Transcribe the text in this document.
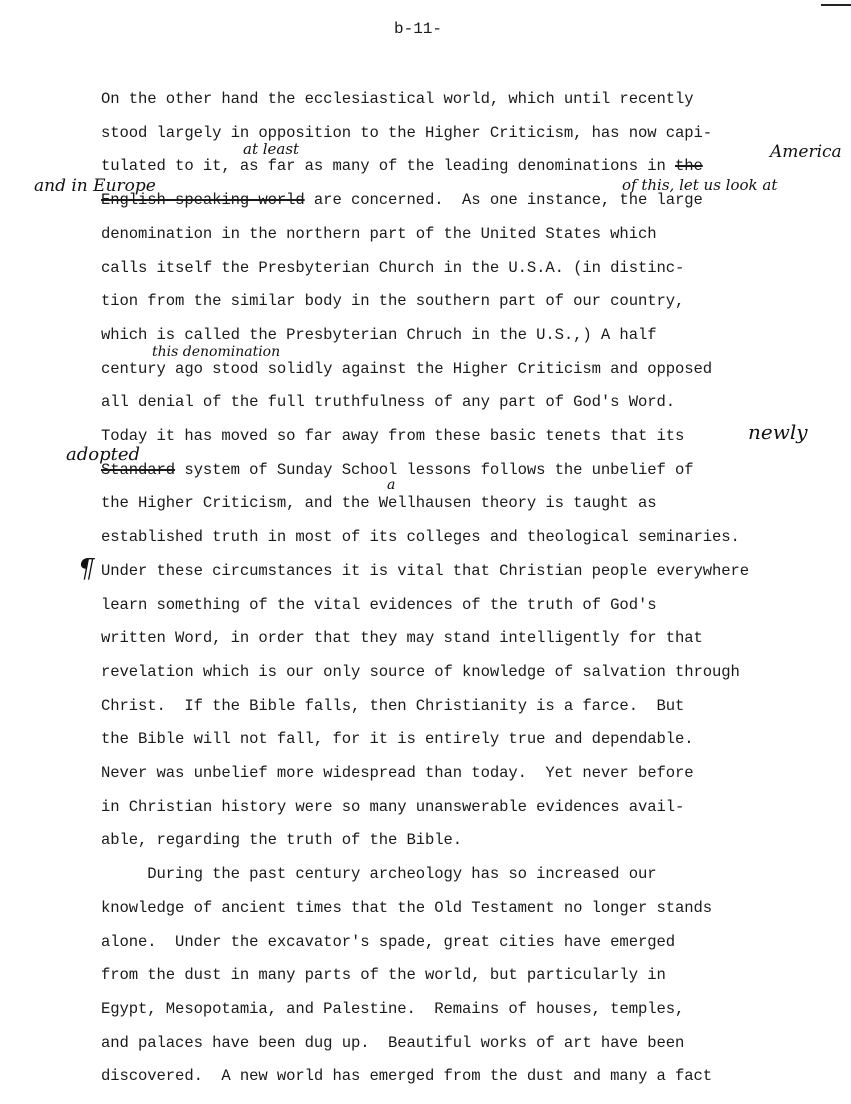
b-11-
On the other hand the ecclesiastical world, which until recently
stood largely in opposition to the Higher Criticism, has now capi-
tulated to it, as far as many of the leading denominations in the
English speaking world are concerned.  As one instance, the large
denomination in the northern part of the United States which
calls itself the Presbyterian Church in the U.S.A. (in distinc-
tion from the similar body in the southern part of our country,
which is called the Presbyterian Chruch in the U.S.,) A half
century ago stood solidly against the Higher Criticism and opposed
all denial of the full truthfulness of any part of God's Word.
Today it has moved so far away from these basic tenets that its
Standard system of Sunday School lessons follows the unbelief of
the Higher Criticism, and the Wellhausen theory is taught as
established truth in most of its colleges and theological seminaries.
Under these circumstances it is vital that Christian people everywhere
learn something of the vital evidences of the truth of God's
written Word, in order that they may stand intelligently for that
revelation which is our only source of knowledge of salvation through
Christ.  If the Bible falls, then Christianity is a farce.  But
the Bible will not fall, for it is entirely true and dependable.
Never was unbelief more widespread than today.  Yet never before
in Christian history were so many unanswerable evidences avail-
able, regarding the truth of the Bible.
During the past century archeology has so increased our
knowledge of ancient times that the Old Testament no longer stands
alone.  Under the excavator's spade, great cities have emerged
from the dust in many parts of the world, but particularly in
Egypt, Mesopotamia, and Palestine.  Remains of houses, temples,
and palaces have been dug up.  Beautiful works of art have been
discovered.  A new world has emerged from the dust and many a fact
at least	America
and in Europe	of this, let us look at
this denomination
newly
adopted
a
¶
